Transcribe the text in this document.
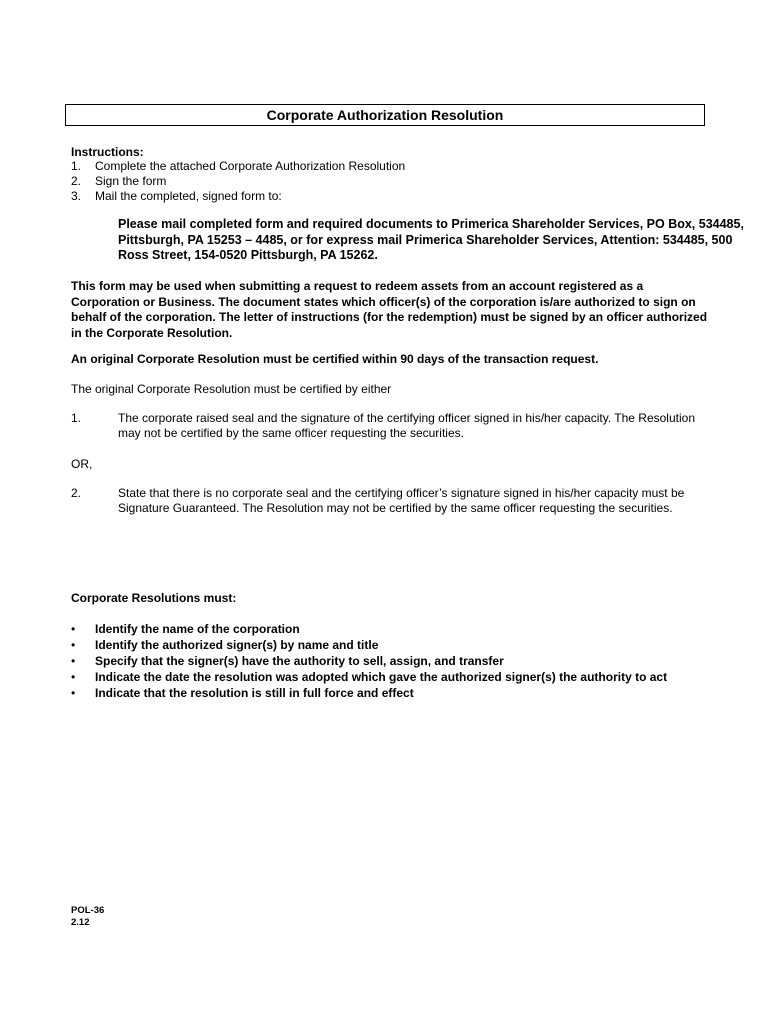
Corporate Authorization Resolution
Instructions:
1.	Complete the attached Corporate Authorization Resolution
2.	Sign the form
3.	Mail the completed, signed form to:
Please mail completed form and required documents to Primerica Shareholder Services, PO Box, 534485, Pittsburgh, PA 15253 – 4485, or for express mail Primerica Shareholder Services, Attention: 534485, 500 Ross Street, 154-0520 Pittsburgh, PA 15262.
This form may be used when submitting a request to redeem assets from an account registered as a Corporation or Business. The document states which officer(s) of the corporation is/are authorized to sign on behalf of the corporation. The letter of instructions (for the redemption) must be signed by an officer authorized in the Corporate Resolution.
An original Corporate Resolution must be certified within 90 days of the transaction request.
The original Corporate Resolution must be certified by either
1.	The corporate raised seal and the signature of the certifying officer signed in his/her capacity. The Resolution may not be certified by the same officer requesting the securities.
OR,
2.	State that there is no corporate seal and the certifying officer’s signature signed in his/her capacity must be Signature Guaranteed. The Resolution may not be certified by the same officer requesting the securities.
Corporate Resolutions must:
•	Identify the name of the corporation
•	Identify the authorized signer(s) by name and title
•	Specify that the signer(s) have the authority to sell, assign, and transfer
•	Indicate the date the resolution was adopted which gave the authorized signer(s) the authority to act
•	Indicate that the resolution is still in full force and effect
POL-36
2.12
